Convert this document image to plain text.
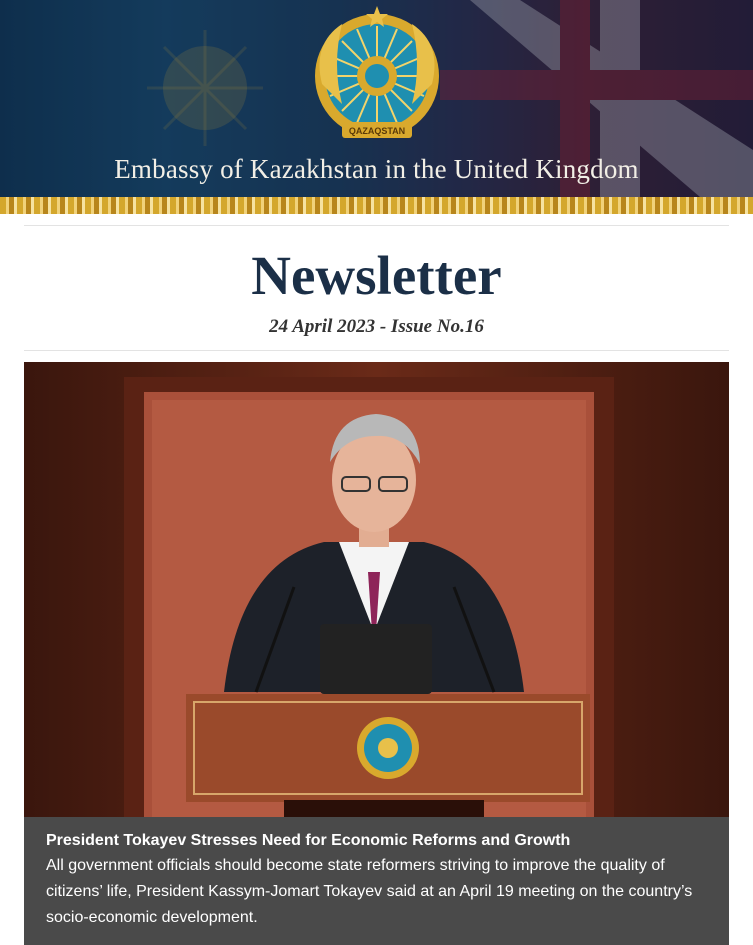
QAZAQSTAN
Embassy of Kazakhstan in the United Kingdom
Newsletter
24 April 2023 - Issue No.16
President Tokayev Stresses Need for Economic Reforms and Growth
All government officials should become state reformers striving to improve the quality of citizens’ life, President Kassym-Jomart Tokayev said at an April 19 meeting on the country’s socio-economic development.
